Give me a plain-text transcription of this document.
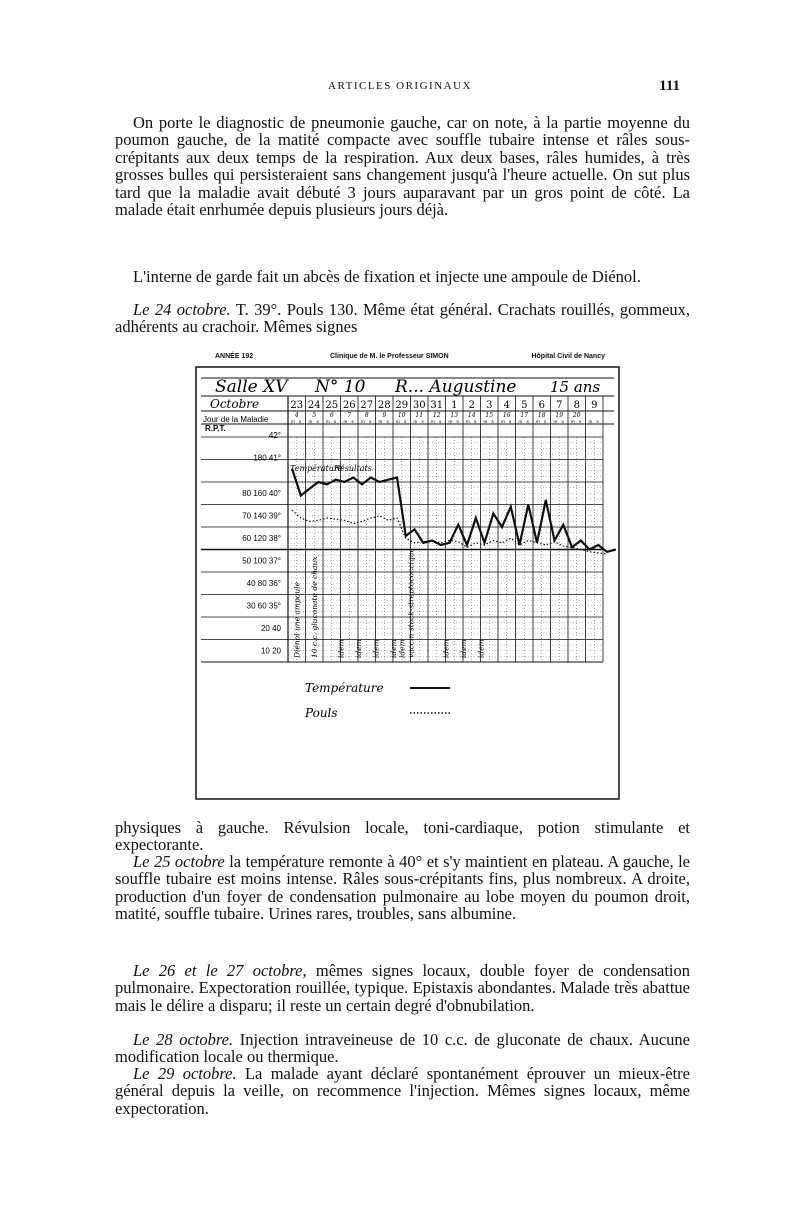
ARTICLES ORIGINAUX	111

On porte le diagnostic de pneumonie gauche, car on note, à la partie moyenne du poumon gauche, de la matité compacte avec souffle tubaire intense et râles sous-crépitants aux deux temps de la respiration. Aux deux bases, râles humides, à très grosses bulles qui persisteraient sans changement jusqu'à l'heure actuelle. On sut plus tard que la maladie avait débuté 3 jours auparavant par un gros point de côté. La malade était enrhumée depuis plusieurs jours déjà.

L'interne de garde fait un abcès de fixation et injecte une ampoule de Diénol.

Le 24 octobre. T. 39°. Pouls 130. Même état général. Crachats rouillés, gommeux, adhérents au crachoir. Mêmes signes

ANNÉE 192	Clinique de M. le Professeur SIMON	Hôpital Civil de Nancy
Salle XV N° 10 R... Augustine 15 ans
Octobre
Jour de la Maladie
R.P.T.
23 24 25 26 27 28 29 30 31 1 2 3 4 5 6 7 8 9
4
m s
5
m s
6
m s
7
m s
8
m s
9
m s
10
m s
11
m s
12
m s
13
m s
14
m s
15
m s
16
m s
17
m s
18
m s
19
m s
20
m s m s
42°
180 41°
80 160 40°
70 140 39°
60 120 38°
50 100 37°
40 80 36°
30 60 35°
20 40
10 20
Température
Résultats
Diénol une ampoule 10 c.c. gluconate de chaux idem idem idem idem idem vaccin stock-streptococcique	idem idem idem
Température
Pouls

physiques à gauche. Révulsion locale, toni-cardiaque, potion stimulante et expectorante.

Le 25 octobre la température remonte à 40° et s'y maintient en plateau. A gauche, le souffle tubaire est moins intense. Râles sous-crépitants fins, plus nombreux. A droite, production d'un foyer de condensation pulmonaire au lobe moyen du poumon droit, matité, souffle tubaire. Urines rares, troubles, sans albumine.

Le 26 et le 27 octobre, mêmes signes locaux, double foyer de condensation pulmonaire. Expectoration rouillée, typique. Epistaxis abondantes. Malade très abattue mais le délire a disparu; il reste un certain degré d'obnubilation.

Le 28 octobre. Injection intraveineuse de 10 c.c. de gluconate de chaux. Aucune modification locale ou thermique.

Le 29 octobre. La malade ayant déclaré spontanément éprouver un mieux-être général depuis la veille, on recommence l'injection. Mêmes signes locaux, même expectoration.
